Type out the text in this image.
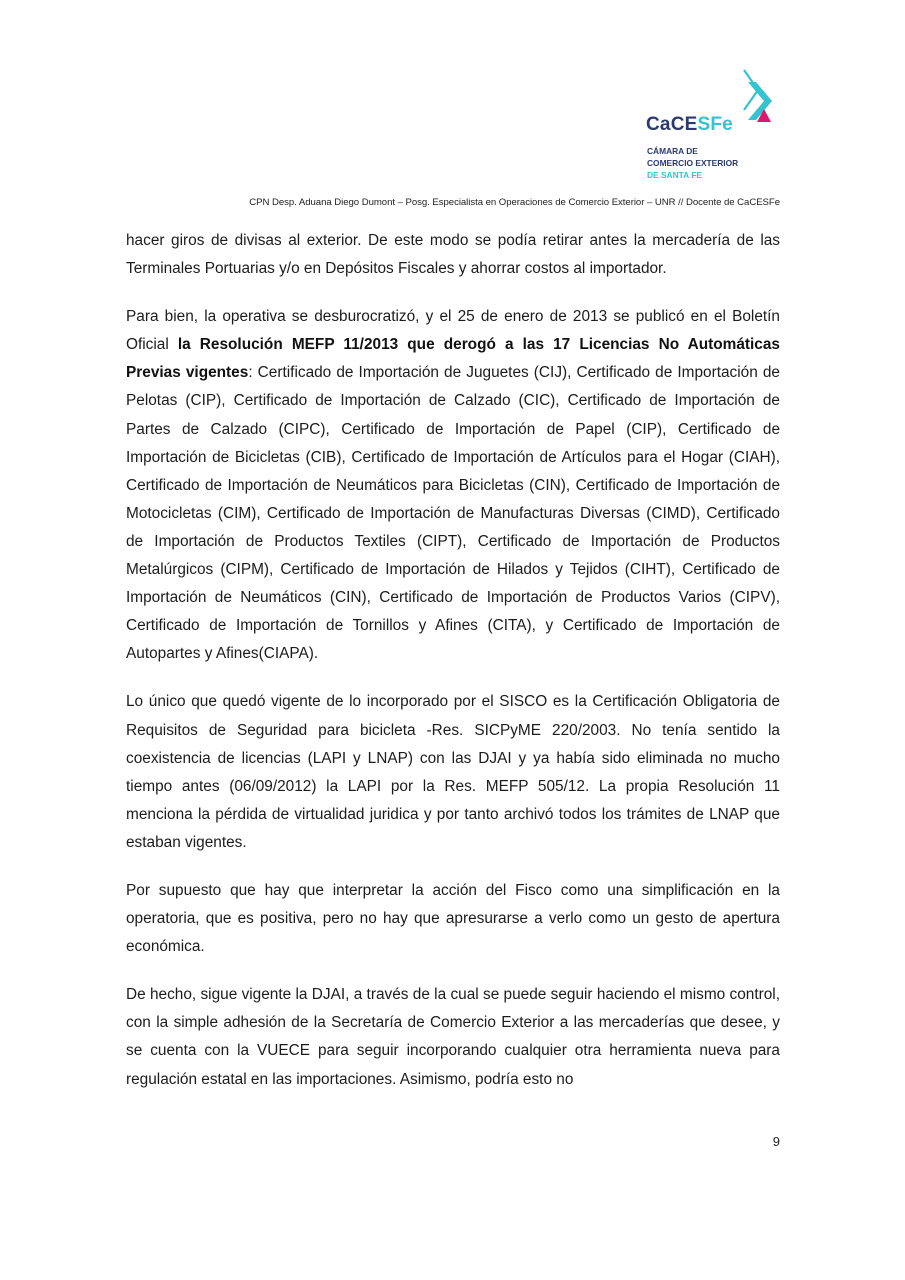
CaCESFe
CÁMARA DE
COMERCIO EXTERIOR
DE SANTA FE
CPN Desp. Aduana Diego Dumont – Posg. Especialista en Operaciones de Comercio Exterior – UNR // Docente de CaCESFe

hacer giros de divisas al exterior. De este modo se podía retirar antes la mercadería de las Terminales Portuarias y/o en Depósitos Fiscales y ahorrar costos al importador.

Para bien, la operativa se desburocratizó, y el 25 de enero de 2013 se publicó en el Boletín Oficial la Resolución MEFP 11/2013 que derogó a las 17 Licencias No Automáticas Previas vigentes: Certificado de Importación de Juguetes (CIJ), Certificado de Importación de Pelotas (CIP), Certificado de Importación de Calzado (CIC), Certificado de Importación de Partes de Calzado (CIPC), Certificado de Importación de Papel (CIP), Certificado de Importación de Bicicletas (CIB), Certificado de Importación de Artículos para el Hogar (CIAH), Certificado de Importación de Neumáticos para Bicicletas (CIN), Certificado de Importación de Motocicletas (CIM), Certificado de Importación de Manufacturas Diversas (CIMD), Certificado de Importación de Productos Textiles (CIPT), Certificado de Importación de Productos Metalúrgicos (CIPM), Certificado de Importación de Hilados y Tejidos (CIHT), Certificado de Importación de Neumáticos (CIN), Certificado de Importación de Productos Varios (CIPV), Certificado de Importación de Tornillos y Afines (CITA), y Certificado de Importación de Autopartes y Afines(CIAPA).

Lo único que quedó vigente de lo incorporado por el SISCO es la Certificación Obligatoria de Requisitos de Seguridad para bicicleta -Res. SICPyME 220/2003. No tenía sentido la coexistencia de licencias (LAPI y LNAP) con las DJAI y ya había sido eliminada no mucho tiempo antes (06/09/2012) la LAPI por la Res. MEFP 505/12. La propia Resolución 11 menciona la pérdida de virtualidad juridica y por tanto archivó todos los trámites de LNAP que estaban vigentes.

Por supuesto que hay que interpretar la acción del Fisco como una simplificación en la operatoria, que es positiva, pero no hay que apresurarse a verlo como un gesto de apertura económica.

De hecho, sigue vigente la DJAI, a través de la cual se puede seguir haciendo el mismo control, con la simple adhesión de la Secretaría de Comercio Exterior a las mercaderías que desee, y se cuenta con la VUECE para seguir incorporando cualquier otra herramienta nueva para regulación estatal en las importaciones. Asimismo, podría esto no

9
